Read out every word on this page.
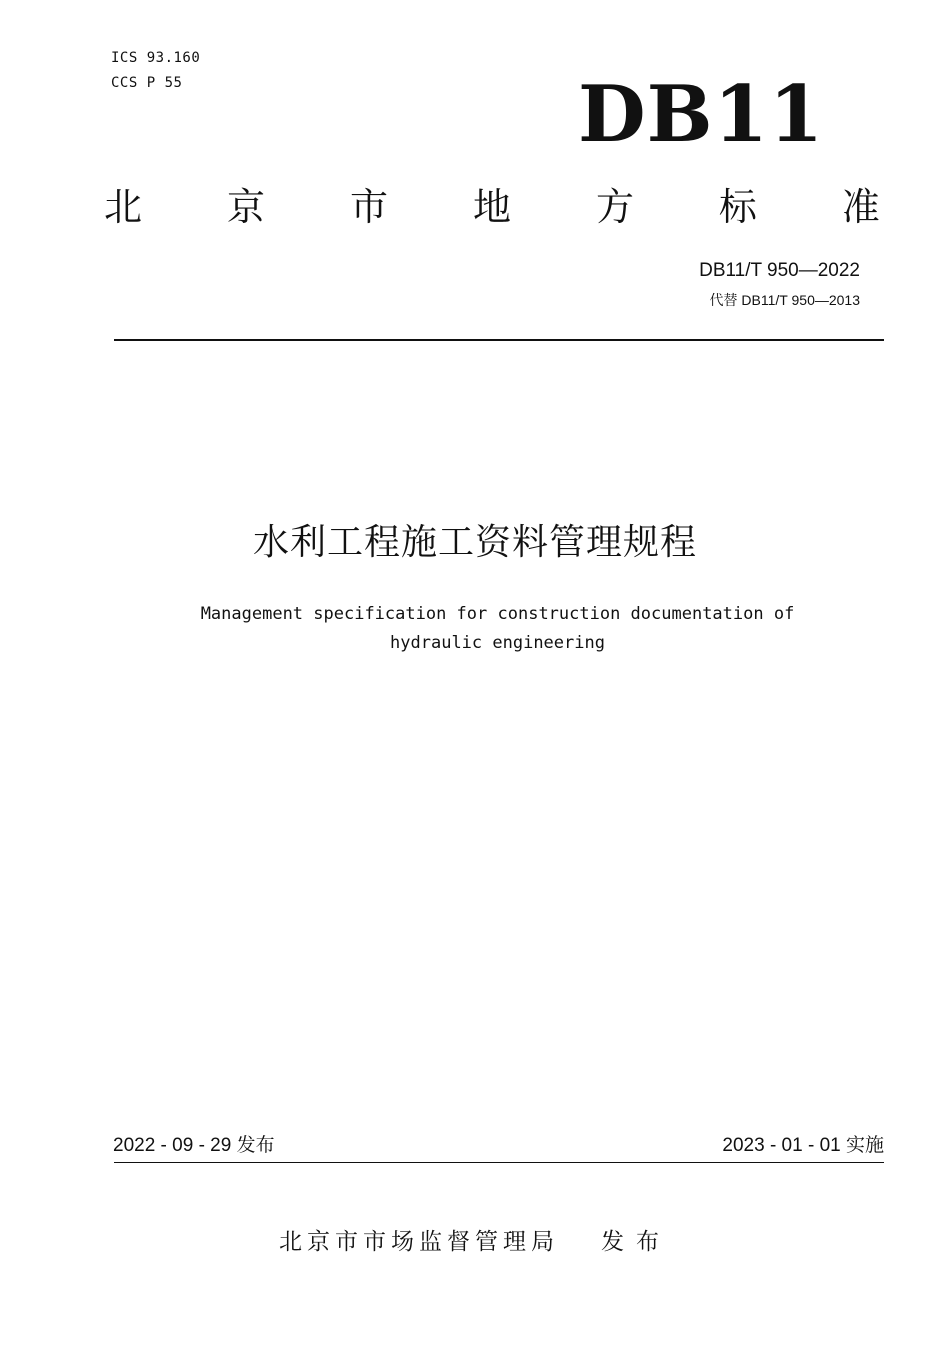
ICS 93.160
CCS P 55	DB11
北 京 市 地 方 标 准
DB11/T 950—2022
代替 DB11/T 950—2013
水利工程施工资料管理规程
Management specification for construction documentation of
hydraulic engineering
2022 - 09 - 29 发布	2023 - 01 - 01 实施
北京市市场监督管理局 发布
